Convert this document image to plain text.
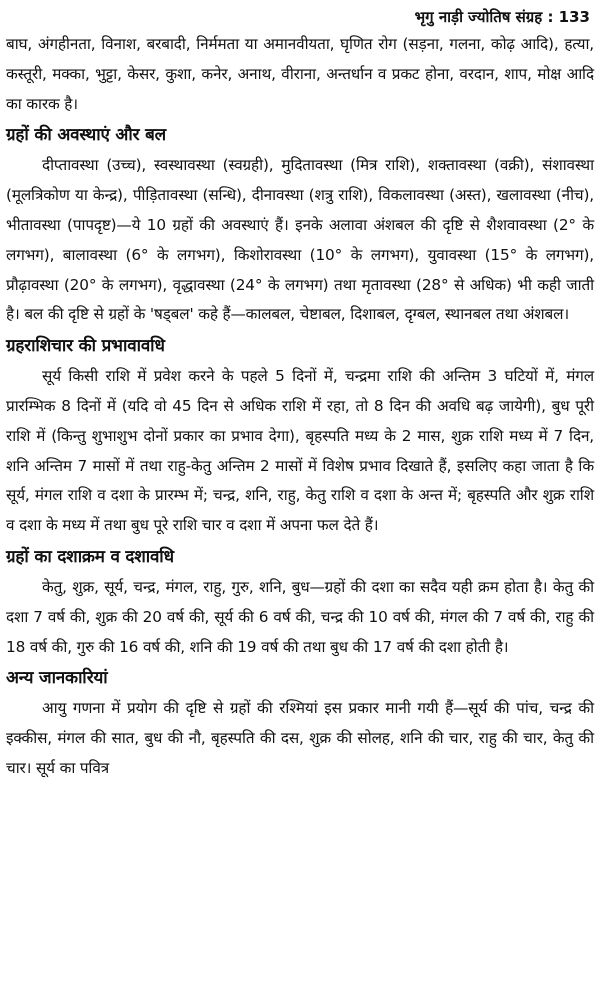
भृगु नाड़ी ज्योतिष संग्रह : 133

बाघ, अंगहीनता, विनाश, बरबादी, निर्ममता या अमानवीयता, घृणित रोग (सड़ना, गलना, कोढ़ आदि), हत्या, कस्तूरी, मक्का, भुट्टा, केसर, कुशा, कनेर, अनाथ, वीराना, अन्तर्धान व प्रकट होना, वरदान, शाप, मोक्ष आदि का कारक है।

ग्रहों की अवस्थाएं और बल

दीप्तावस्था (उच्च), स्वस्थावस्था (स्वग्रही), मुदितावस्था (मित्र राशि), शक्तावस्था (वक्री), संशावस्था (मूलत्रिकोण या केन्द्र), पीड़ितावस्था (सन्धि), दीनावस्था (शत्रु राशि), विकलावस्था (अस्त), खलावस्था (नीच), भीतावस्था (पापदृष्ट)—ये 10 ग्रहों की अवस्थाएं हैं। इनके अलावा अंशबल की दृष्टि से शैशवावस्था (2° के लगभग), बालावस्था (6° के लगभग), किशोरावस्था (10° के लगभग), युवावस्था (15° के लगभग), प्रौढ़ावस्था (20° के लगभग), वृद्धावस्था (24° के लगभग) तथा मृतावस्था (28° से अधिक) भी कही जाती है। बल की दृष्टि से ग्रहों के 'षड्बल' कहे हैं—कालबल, चेष्टाबल, दिशाबल, दृग्बल, स्थानबल तथा अंशबल।

ग्रहराशिचार की प्रभावावधि

सूर्य किसी राशि में प्रवेश करने के पहले 5 दिनों में, चन्द्रमा राशि की अन्तिम 3 घटियों में, मंगल प्रारम्भिक 8 दिनों में (यदि वो 45 दिन से अधिक राशि में रहा, तो 8 दिन की अवधि बढ़ जायेगी), बुध पूरी राशि में (किन्तु शुभाशुभ दोनों प्रकार का प्रभाव देगा), बृहस्पति मध्य के 2 मास, शुक्र राशि मध्य में 7 दिन, शनि अन्तिम 7 मासों में तथा राहु-केतु अन्तिम 2 मासों में विशेष प्रभाव दिखाते हैं, इसलिए कहा जाता है कि सूर्य, मंगल राशि व दशा के प्रारम्भ में; चन्द्र, शनि, राहु, केतु राशि व दशा के अन्त में; बृहस्पति और शुक्र राशि व दशा के मध्य में तथा बुध पूरे राशि चार व दशा में अपना फल देते हैं।

ग्रहों का दशाक्रम व दशावधि

केतु, शुक्र, सूर्य, चन्द्र, मंगल, राहु, गुरु, शनि, बुध—ग्रहों की दशा का सदैव यही क्रम होता है। केतु की दशा 7 वर्ष की, शुक्र की 20 वर्ष की, सूर्य की 6 वर्ष की, चन्द्र की 10 वर्ष की, मंगल की 7 वर्ष की, राहु की 18 वर्ष की, गुरु की 16 वर्ष की, शनि की 19 वर्ष की तथा बुध की 17 वर्ष की दशा होती है।

अन्य जानकारियां

आयु गणना में प्रयोग की दृष्टि से ग्रहों की रश्मियां इस प्रकार मानी गयी हैं—सूर्य की पांच, चन्द्र की इक्कीस, मंगल की सात, बुध की नौ, बृहस्पति की दस, शुक्र की सोलह, शनि की चार, राहु की चार, केतु की चार। सूर्य का पवित्र
